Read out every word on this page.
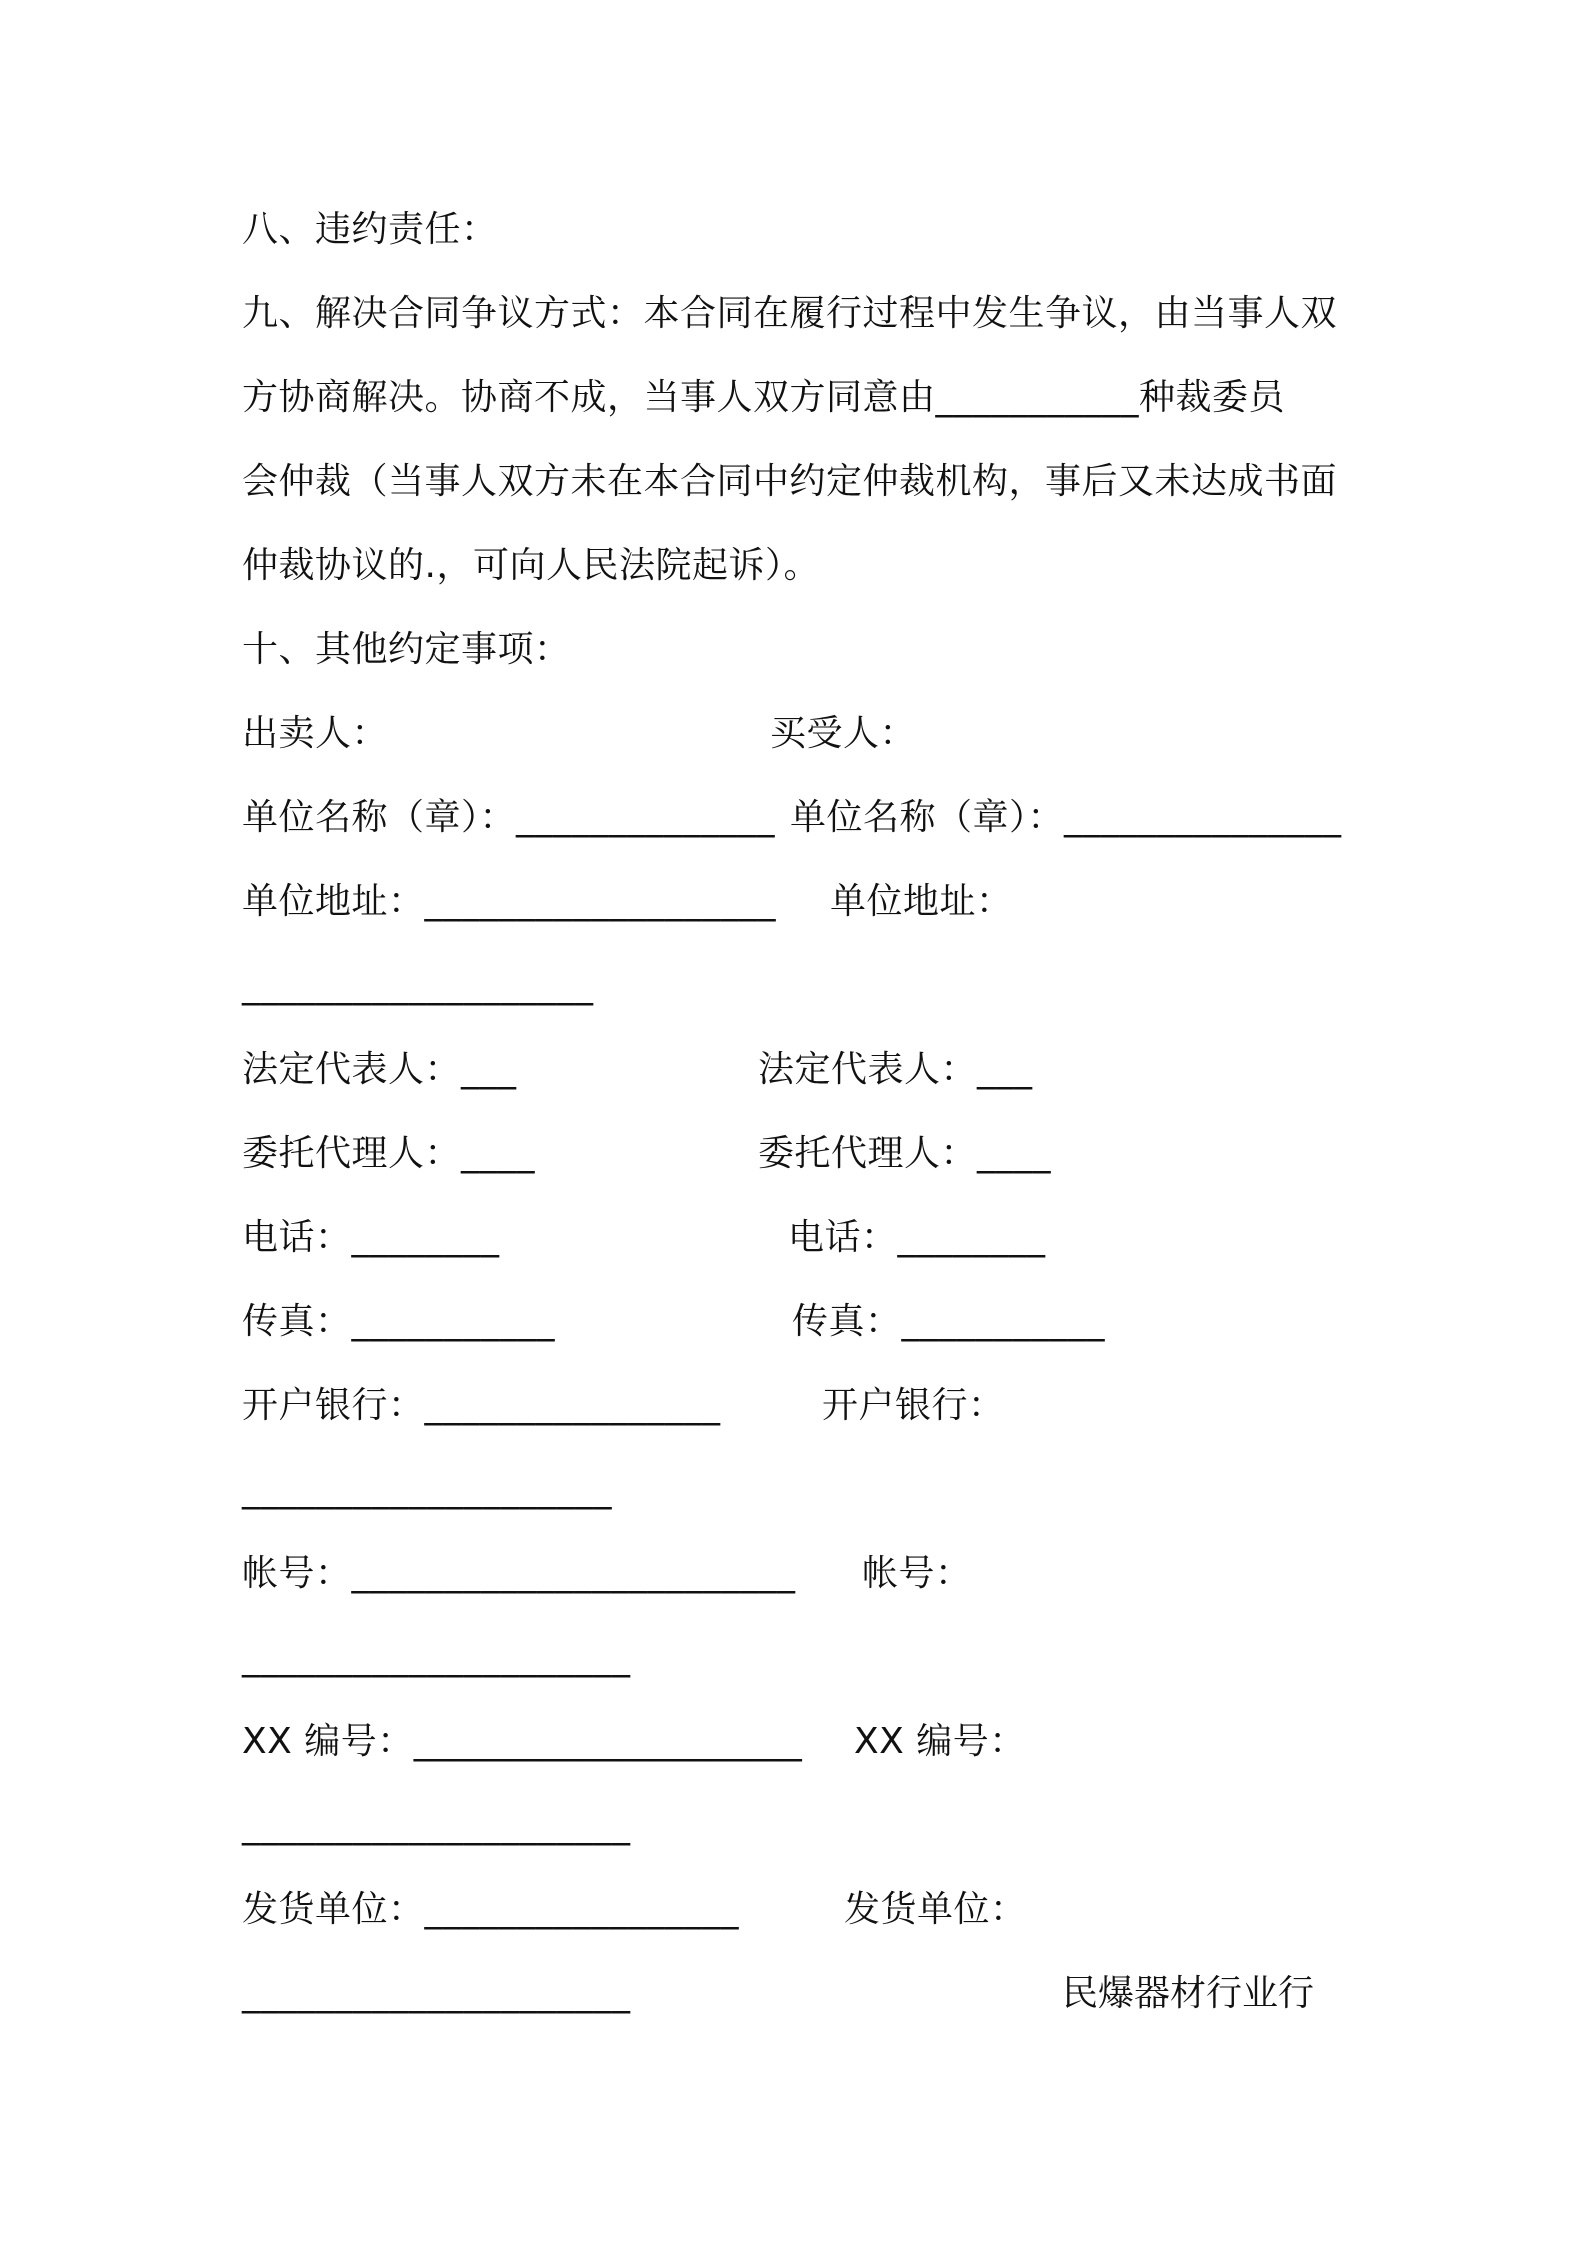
八、违约责任：
九、解决合同争议方式：本合同在履行过程中发生争议，由当事人双
方协商解决。协商不成，当事人双方同意由___________种裁委员
会仲裁（当事人双方未在本合同中约定仲裁机构，事后又未达成书面
仲裁协议的.，可向人民法院起诉）。
十、其他约定事项：
出卖人：	买受人：
单位名称（章）：______________ 单位名称（章）：_______________
单位地址：___________________ 单位地址：
___________________
法定代表人：___	法定代表人：___
委托代理人：____	委托代理人：____
电话：________	电话：________
传真：___________	传真：___________
开户银行：________________	开户银行：
____________________
帐号：________________________ 帐号：
_____________________
XX 编号：_____________________ XX 编号：
_____________________
发货单位：_________________	发货单位：
_____________________	民爆器材行业行
